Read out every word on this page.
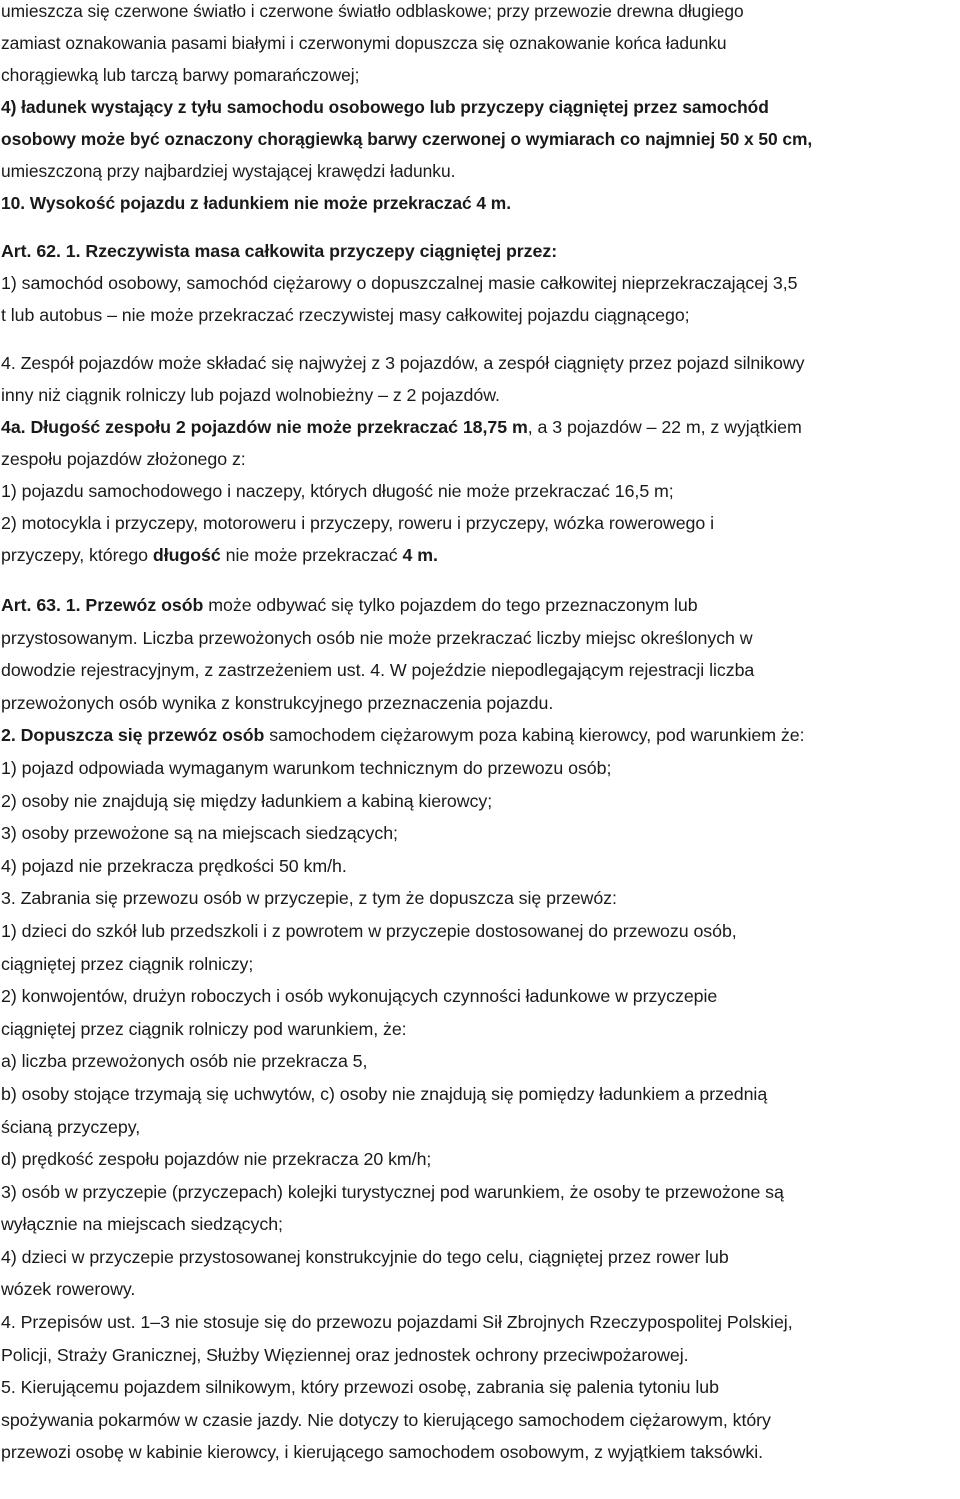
umieszcza się czerwone światło i czerwone światło odblaskowe; przy przewozie drewna długiego

zamiast oznakowania pasami białymi i czerwonymi dopuszcza się oznakowanie końca ładunku

chorągiewką lub tarczą barwy pomarańczowej;

4) ładunek wystający z tyłu samochodu osobowego lub przyczepy ciągniętej przez samochód

osobowy może być oznaczony chorągiewką barwy czerwonej o wymiarach co najmniej 50 x 50 cm,

umieszczoną przy najbardziej wystającej krawędzi ładunku.

10. Wysokość pojazdu z ładunkiem nie może przekraczać 4 m.

Art. 62. 1. Rzeczywista masa całkowita przyczepy ciągniętej przez:

1) samochód osobowy, samochód ciężarowy o dopuszczalnej masie całkowitej nieprzekraczającej 3,5

t lub autobus – nie może przekraczać rzeczywistej masy całkowitej pojazdu ciągnącego;

4. Zespół pojazdów może składać się najwyżej z 3 pojazdów, a zespół ciągnięty przez pojazd silnikowy

inny niż ciągnik rolniczy lub pojazd wolnobieżny – z 2 pojazdów.

4a. Długość zespołu 2 pojazdów nie może przekraczać 18,75 m, a 3 pojazdów – 22 m, z wyjątkiem

zespołu pojazdów złożonego z:

1) pojazdu samochodowego i naczepy, których długość nie może przekraczać 16,5 m;

2) motocykla i przyczepy, motoroweru i przyczepy, roweru i przyczepy, wózka rowerowego i

przyczepy, którego długość nie może przekraczać 4 m.

Art. 63. 1. Przewóz osób może odbywać się tylko pojazdem do tego przeznaczonym lub

przystosowanym. Liczba przewożonych osób nie może przekraczać liczby miejsc określonych w

dowodzie rejestracyjnym, z zastrzeżeniem ust. 4. W pojeździe niepodlegającym rejestracji liczba

przewożonych osób wynika z konstrukcyjnego przeznaczenia pojazdu.

2. Dopuszcza się przewóz osób samochodem ciężarowym poza kabiną kierowcy, pod warunkiem że:

1) pojazd odpowiada wymaganym warunkom technicznym do przewozu osób;

2) osoby nie znajdują się między ładunkiem a kabiną kierowcy;

3) osoby przewożone są na miejscach siedzących;

4) pojazd nie przekracza prędkości 50 km/h.

3. Zabrania się przewozu osób w przyczepie, z tym że dopuszcza się przewóz:

1) dzieci do szkół lub przedszkoli i z powrotem w przyczepie dostosowanej do przewozu osób,

ciągniętej przez ciągnik rolniczy;

2) konwojentów, drużyn roboczych i osób wykonujących czynności ładunkowe w przyczepie

ciągniętej przez ciągnik rolniczy pod warunkiem, że:

a) liczba przewożonych osób nie przekracza 5,

b) osoby stojące trzymają się uchwytów, c) osoby nie znajdują się pomiędzy ładunkiem a przednią

ścianą przyczepy,

d) prędkość zespołu pojazdów nie przekracza 20 km/h;

3) osób w przyczepie (przyczepach) kolejki turystycznej pod warunkiem, że osoby te przewożone są

wyłącznie na miejscach siedzących;

4) dzieci w przyczepie przystosowanej konstrukcyjnie do tego celu, ciągniętej przez rower lub

wózek rowerowy.

4. Przepisów ust. 1–3 nie stosuje się do przewozu pojazdami Sił Zbrojnych Rzeczypospolitej Polskiej,

Policji, Straży Granicznej, Służby Więziennej oraz jednostek ochrony przeciwpożarowej.

5. Kierującemu pojazdem silnikowym, który przewozi osobę, zabrania się palenia tytoniu lub

spożywania pokarmów w czasie jazdy. Nie dotyczy to kierującego samochodem ciężarowym, który

przewozi osobę w kabinie kierowcy, i kierującego samochodem osobowym, z wyjątkiem taksówki.
